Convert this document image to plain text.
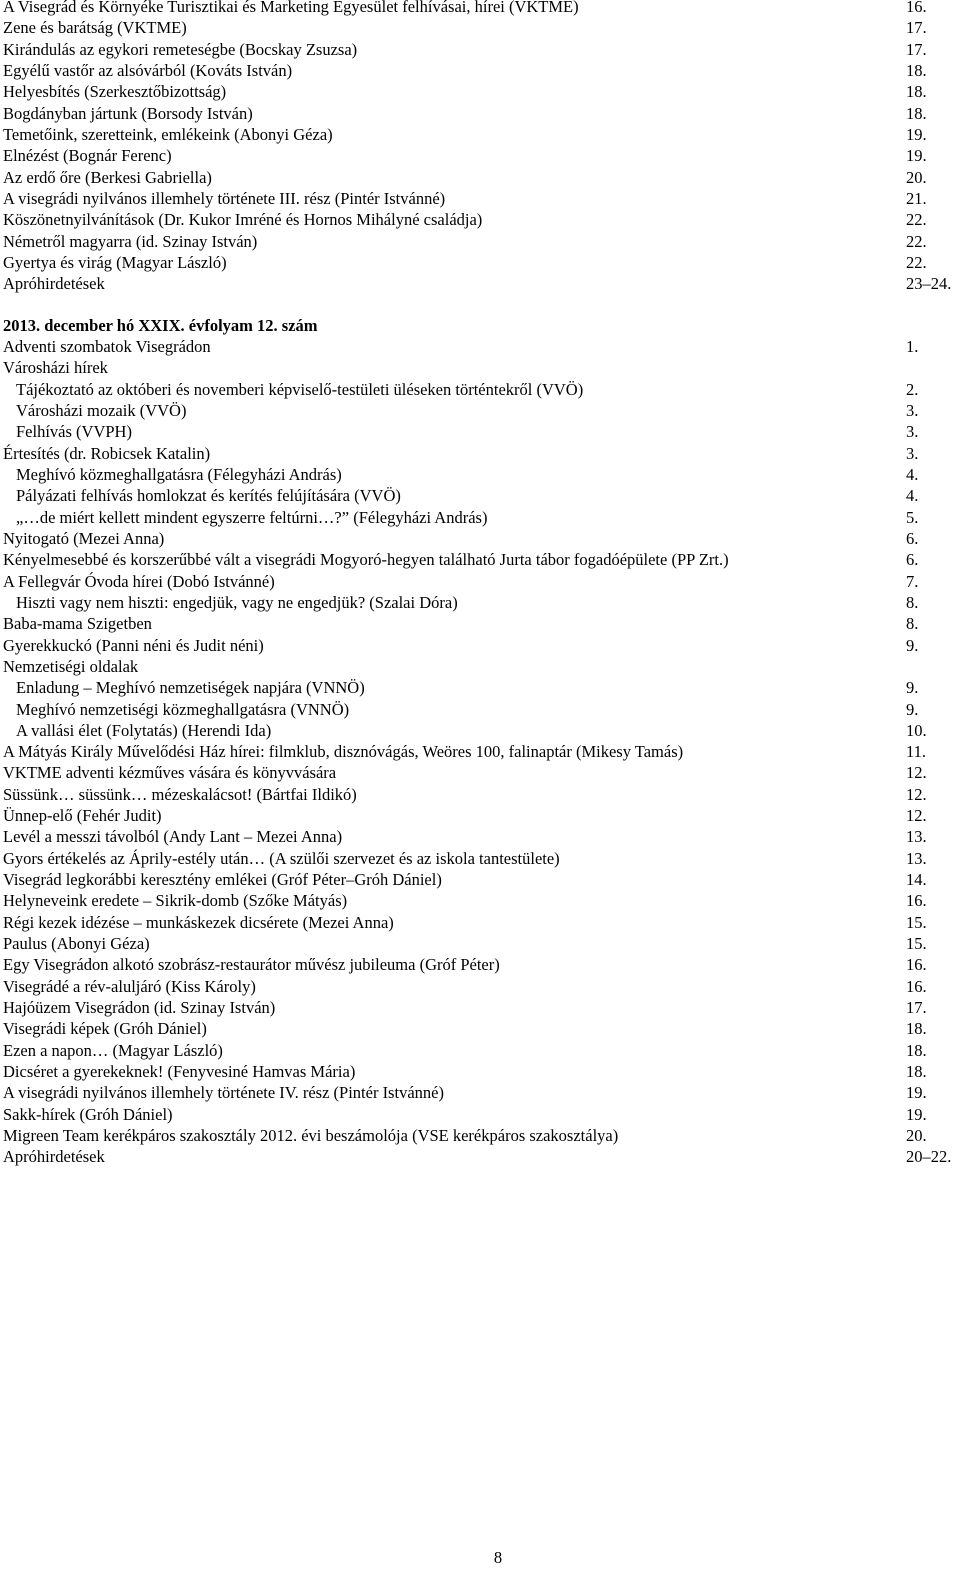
A Visegrád és Környéke Turisztikai és Marketing Egyesület felhívásai, hírei (VKTME)	16.
Zene és barátság (VKTME)	17.
Kirándulás az egykori remeteségbe (Bocskay Zsuzsa)	17.
Egyélű vastőr az alsóvárból (Kováts István)	18.
Helyesbítés (Szerkesztőbizottság)	18.
Bogdányban jártunk (Borsody István)	18.
Temetőink, szeretteink, emlékeink (Abonyi Géza)	19.
Elnézést (Bognár Ferenc)	19.
Az erdő őre (Berkesi Gabriella)	20.
A visegrádi nyilvános illemhely története III. rész (Pintér Istvánné)	21.
Köszönetnyilvánítások (Dr. Kukor Imréné és Hornos Mihályné családja)	22.
Németről magyarra (id. Szinay István)	22.
Gyertya és virág (Magyar László)	22.
Apróhirdetések	23–24.
2013. december hó XXIX. évfolyam 12. szám
Adventi szombatok Visegrádon	1.
Városházi hírek
Tájékoztató az októberi és novemberi képviselő-testületi üléseken történtekről (VVÖ)	2.
Városházi mozaik (VVÖ)	3.
Felhívás (VVPH)	3.
Értesítés (dr. Robicsek Katalin)	3.
Meghívó közmeghallgatásra (Félegyházi András)	4.
Pályázati felhívás homlokzat és kerítés felújítására (VVÖ)	4.
„…de miért kellett mindent egyszerre feltúrni…?” (Félegyházi András)	5.
Nyitogató (Mezei Anna)	6.
Kényelmesebbé és korszerűbbé vált a visegrádi Mogyoró-hegyen található Jurta tábor fogadóépülete (PP Zrt.)	6.
A Fellegvár Óvoda hírei (Dobó Istvánné)	7.
Hiszti vagy nem hiszti: engedjük, vagy ne engedjük? (Szalai Dóra)	8.
Baba-mama Szigetben	8.
Gyerekkuckó (Panni néni és Judit néni)	9.
Nemzetiségi oldalak
Enladung – Meghívó nemzetiségek napjára (VNNÖ)	9.
Meghívó nemzetiségi közmeghallgatásra (VNNÖ)	9.
A vallási élet (Folytatás) (Herendi Ida)	10.
A Mátyás Király Művelődési Ház hírei: filmklub, disznóvágás, Weöres 100, falinaptár (Mikesy Tamás)	11.
VKTME adventi kézműves vására és könyvvására	12.
Süssünk… süssünk… mézeskalácsot! (Bártfai Ildikó)	12.
Ünnep-elő (Fehér Judit)	12.
Levél a messzi távolból (Andy Lant – Mezei Anna)	13.
Gyors értékelés az Áprily-estély után… (A szülői szervezet és az iskola tantestülete)	13.
Visegrád legkorábbi keresztény emlékei (Gróf Péter–Gróh Dániel)	14.
Helyneveink eredete – Sikrik-domb (Szőke Mátyás)	16.
Régi kezek idézése – munkáskezek dicsérete (Mezei Anna)	15.
Paulus (Abonyi Géza)	15.
Egy Visegrádon alkotó szobrász-restaurátor művész jubileuma (Gróf Péter)	16.
Visegrádé a rév-aluljáró (Kiss Károly)	16.
Hajóüzem Visegrádon (id. Szinay István)	17.
Visegrádi képek (Gróh Dániel)	18.
Ezen a napon… (Magyar László)	18.
Dicséret a gyerekeknek! (Fenyvesiné Hamvas Mária)	18.
A visegrádi nyilvános illemhely története IV. rész (Pintér Istvánné)	19.
Sakk-hírek (Gróh Dániel)	19.
Migreen Team kerékpáros szakosztály 2012. évi beszámolója (VSE kerékpáros szakosztálya)	20.
Apróhirdetések	20–22.
8
